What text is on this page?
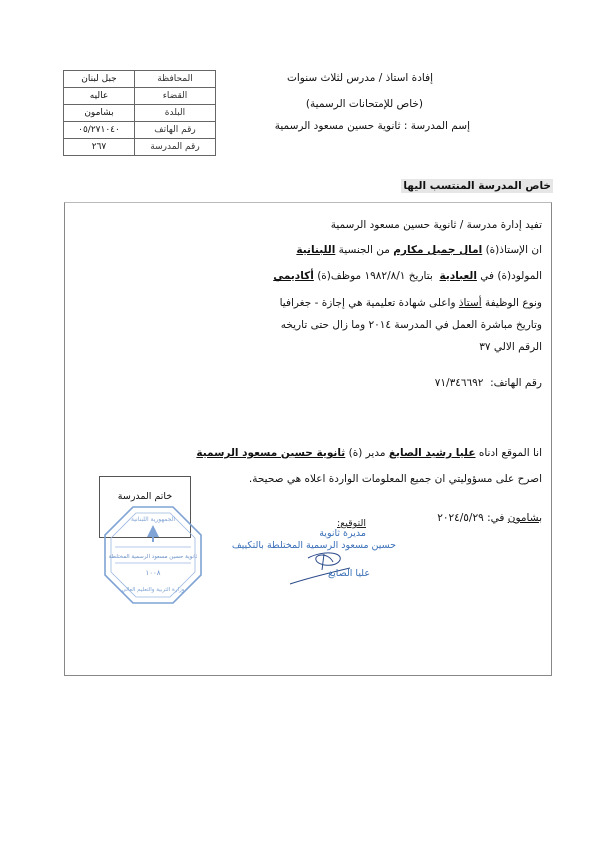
جبل لبنان	المحافظة
عاليه	القضاء
بشامون	البلدة
٠٥/٢٧١٠٤٠	رقم الهاتف
٢٦٧	رقم المدرسة
إفادة استاذ / مدرس لثلاث سنوات
(خاص للإمتحانات الرسمية)
إسم المدرسة : ثانوية حسين مسعود الرسمية
خاص المدرسة المنتسب اليها
تفيد إدارة مدرسة / ثانوية حسين مسعود الرسمية
ان الإستاذ(ة) امال جميل مكارم من الجنسية اللبنانية
المولود(ة) في العبادية  بتاريخ ١٩٨٢/٨/١ موظف(ة) أكاديمي
ونوع الوظيفة أستاذ واعلى شهادة تعليمية هي إجازة - جغرافيا
وتاريخ مباشرة العمل في المدرسة ٢٠١٤ وما زال حتى تاريخه
الرقم الالي ٣٧
رقم الهاتف:  ٧١/٣٤٦٦٩٢
انا الموقع ادناه عليا رشيد الصايغ مدير (ة) ثانوية حسين مسعود الرسمية
اصرح على مسؤوليتي ان جميع المعلومات الواردة اعلاه هي صحيحة.
بشامون في: ٢٠٢٤/٥/٢٩
خاتم المدرسة
الجمهورية اللبنانية
ثانوية حسين مسعود الرسمية المختلطة
١٠٠٨
وزارة التربية والتعليم العالي
التوقيع:
مديرة ثانوية
حسين مسعود الرسمية المختلطة بالتكييف
عليا الصايغ
